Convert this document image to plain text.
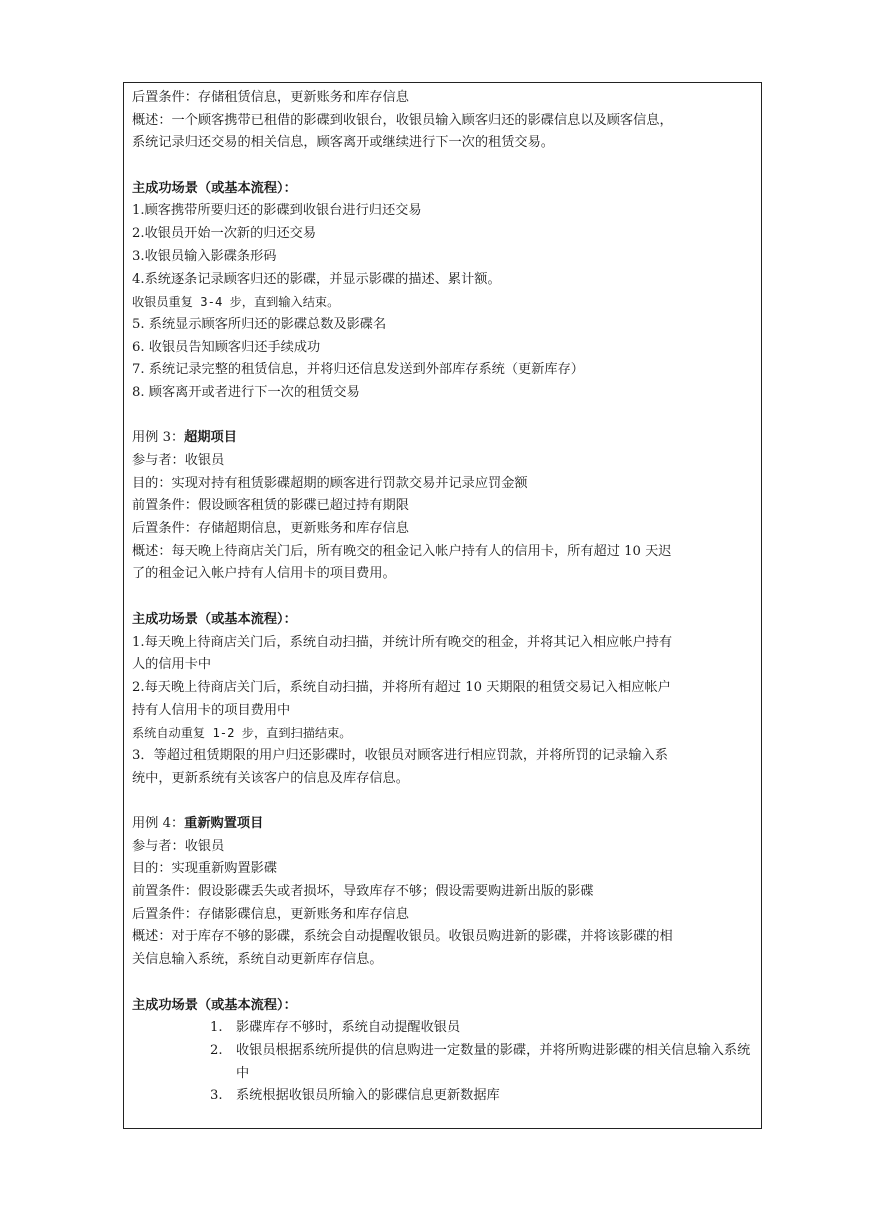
后置条件：存储租赁信息，更新账务和库存信息
概述：一个顾客携带已租借的影碟到收银台，收银员输入顾客归还的影碟信息以及顾客信息，
系统记录归还交易的相关信息，顾客离开或继续进行下一次的租赁交易。
主成功场景（或基本流程）：
1.顾客携带所要归还的影碟到收银台进行归还交易
2.收银员开始一次新的归还交易
3.收银员输入影碟条形码
4.系统逐条记录顾客归还的影碟，并显示影碟的描述、累计额。
收银员重复 3-4 步，直到输入结束。
5. 系统显示顾客所归还的影碟总数及影碟名
6. 收银员告知顾客归还手续成功
7. 系统记录完整的租赁信息，并将归还信息发送到外部库存系统（更新库存）
8. 顾客离开或者进行下一次的租赁交易
用例 3：超期项目
参与者：收银员
目的：实现对持有租赁影碟超期的顾客进行罚款交易并记录应罚金额
前置条件：假设顾客租赁的影碟已超过持有期限
后置条件：存储超期信息，更新账务和库存信息
概述：每天晚上待商店关门后，所有晚交的租金记入帐户持有人的信用卡，所有超过 10 天迟
了的租金记入帐户持有人信用卡的项目费用。
主成功场景（或基本流程）：
1.每天晚上待商店关门后，系统自动扫描，并统计所有晚交的租金，并将其记入相应帐户持有
人的信用卡中
2.每天晚上待商店关门后，系统自动扫描，并将所有超过 10 天期限的租赁交易记入相应帐户
持有人信用卡的项目费用中
系统自动重复 1-2 步，直到扫描结束。
3．等超过租赁期限的用户归还影碟时，收银员对顾客进行相应罚款，并将所罚的记录输入系
统中，更新系统有关该客户的信息及库存信息。
用例 4：重新购置项目
参与者：收银员
目的：实现重新购置影碟
前置条件：假设影碟丢失或者损坏，导致库存不够；假设需要购进新出版的影碟
后置条件：存储影碟信息，更新账务和库存信息
概述：对于库存不够的影碟，系统会自动提醒收银员。收银员购进新的影碟，并将该影碟的相
关信息输入系统，系统自动更新库存信息。
主成功场景（或基本流程）：
1.	影碟库存不够时，系统自动提醒收银员
2.	收银员根据系统所提供的信息购进一定数量的影碟，并将所购进影碟的相关信息输入系统中
3.	系统根据收银员所输入的影碟信息更新数据库
